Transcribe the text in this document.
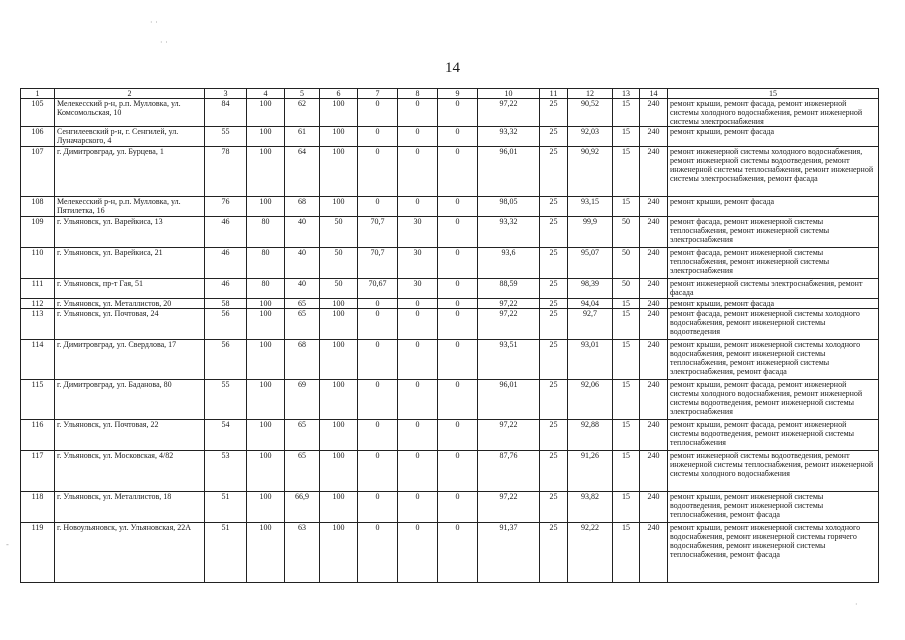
14
· ·
· ·
-
·
1	2	3	4	5	6	7	8	9	10	11	12	13	14	15
105	Мелекесский р-н, р.п. Мулловка, ул. Комсомольская, 10	84	100	62	100	0	0	0	97,22	25	90,52	15	240	ремонт крыши, ремонт фасада, ремонт инженерной системы холодного водоснабжения, ремонт инженерной системы электроснабжения
106	Сенгилеевский р-н, г. Сенгилей, ул. Луначарского, 4	55	100	61	100	0	0	0	93,32	25	92,03	15	240	ремонт крыши, ремонт фасада
107	г. Димитровград, ул. Бурцева, 1	78	100	64	100	0	0	0	96,01	25	90,92	15	240	ремонт инженерной системы холодного водоснабжения, ремонт инженерной системы водоотведения, ремонт инженерной системы теплоснабжения, ремонт инженерной системы электроснабжения, ремонт фасада
108	Мелекесский р-н, р.п. Мулловка, ул. Пятилетка, 16	76	100	68	100	0	0	0	98,05	25	93,15	15	240	ремонт крыши, ремонт фасада
109	г. Ульяновск, ул. Варейкиса, 13	46	80	40	50	70,7	30	0	93,32	25	99,9	50	240	ремонт фасада, ремонт инженерной системы теплоснабжения, ремонт инженерной системы электроснабжения
110	г. Ульяновск, ул. Варейкиса, 21	46	80	40	50	70,7	30	0	93,6	25	95,07	50	240	ремонт фасада, ремонт инженерной системы теплоснабжения, ремонт инженерной системы электроснабжения
111	г. Ульяновск, пр-т Гая, 51	46	80	40	50	70,67	30	0	88,59	25	98,39	50	240	ремонт инженерной системы электроснабжения, ремонт фасада
112	г. Ульяновск, ул. Металлистов, 20	58	100	65	100	0	0	0	97,22	25	94,04	15	240	ремонт крыши, ремонт фасада
113	г. Ульяновск, ул. Почтовая, 24	56	100	65	100	0	0	0	97,22	25	92,7	15	240	ремонт фасада, ремонт инженерной системы холодного водоснабжения, ремонт инженерной системы водоотведения
114	г. Димитровград, ул. Свердлова, 17	56	100	68	100	0	0	0	93,51	25	93,01	15	240	ремонт крыши, ремонт инженерной системы холодного водоснабжения, ремонт инженерной системы теплоснабжения, ремонт инженерной системы электроснабжения, ремонт фасада
115	г. Димитровград, ул. Баданова, 80	55	100	69	100	0	0	0	96,01	25	92,06	15	240	ремонт крыши, ремонт фасада, ремонт инженерной системы холодного водоснабжения, ремонт инженерной системы водоотведения, ремонт инженерной системы электроснабжения
116	г. Ульяновск, ул. Почтовая, 22	54	100	65	100	0	0	0	97,22	25	92,88	15	240	ремонт крыши, ремонт фасада, ремонт инженерной системы водоотведения, ремонт инженерной системы теплоснабжения
117	г. Ульяновск, ул. Московская, 4/82	53	100	65	100	0	0	0	87,76	25	91,26	15	240	ремонт инженерной системы водоотведения, ремонт инженерной системы теплоснабжения, ремонт инженерной системы холодного водоснабжения
118	г. Ульяновск, ул. Металлистов, 18	51	100	66,9	100	0	0	0	97,22	25	93,82	15	240	ремонт крыши, ремонт инженерной системы водоотведения, ремонт инженерной системы теплоснабжения, ремонт фасада
119	г. Новоульяновск, ул. Ульяновская, 22А	51	100	63	100	0	0	0	91,37	25	92,22	15	240	ремонт крыши, ремонт инженерной системы холодного водоснабжения, ремонт инженерной системы горячего водоснабжения, ремонт инженерной системы теплоснабжения, ремонт фасада
